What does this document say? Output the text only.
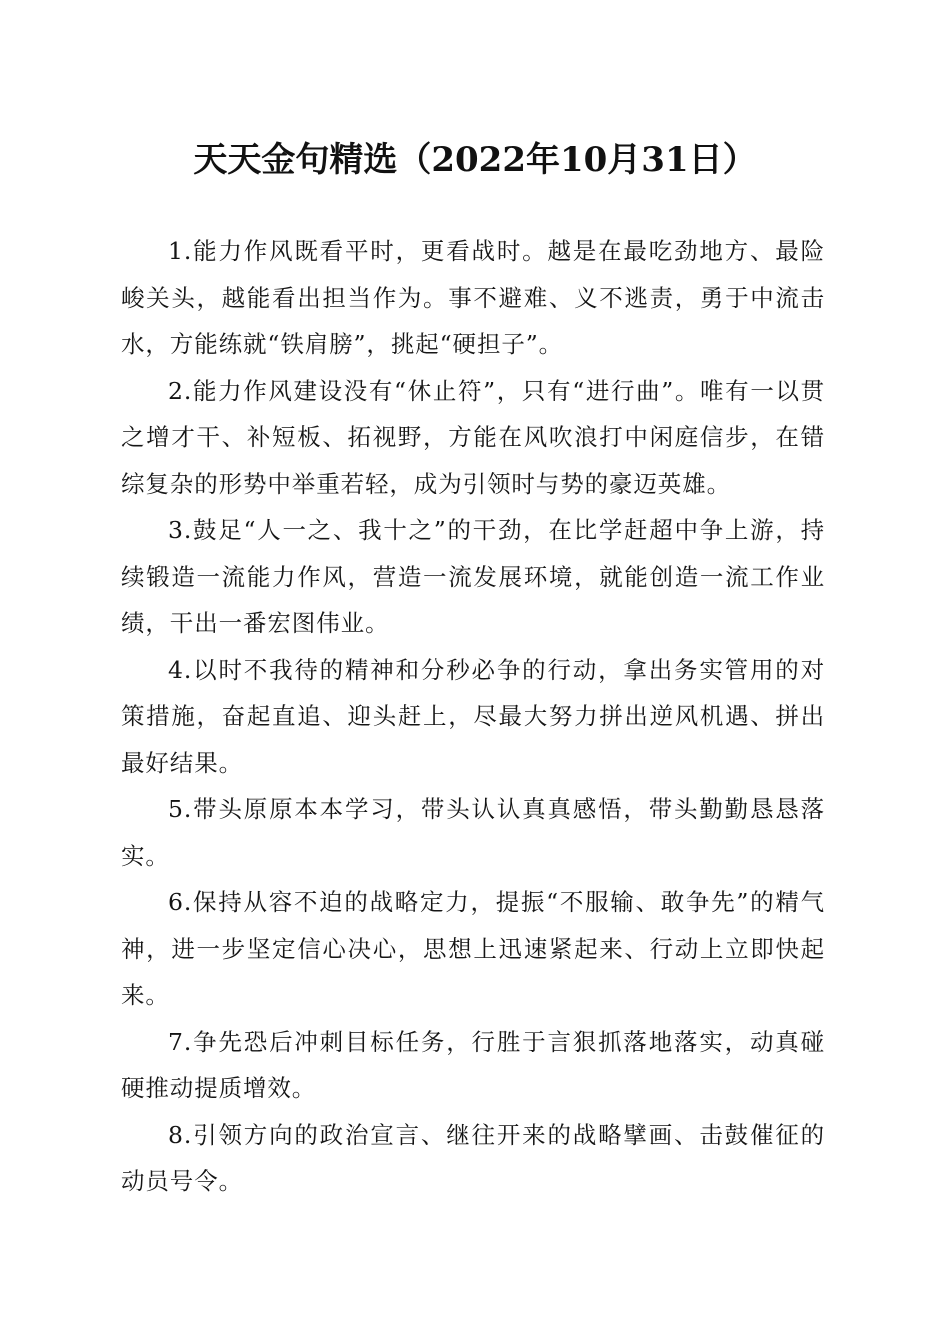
天天金句精选（2022年10月31日）

1.能力作风既看平时，更看战时。越是在最吃劲地方、最险峻关头，越能看出担当作为。事不避难、义不逃责，勇于中流击水，方能练就“铁肩膀”，挑起“硬担子”。

2.能力作风建设没有“休止符”，只有“进行曲”。唯有一以贯之增才干、补短板、拓视野，方能在风吹浪打中闲庭信步，在错综复杂的形势中举重若轻，成为引领时与势的豪迈英雄。

3.鼓足“人一之、我十之”的干劲，在比学赶超中争上游，持续锻造一流能力作风，营造一流发展环境，就能创造一流工作业绩，干出一番宏图伟业。

4.以时不我待的精神和分秒必争的行动，拿出务实管用的对策措施，奋起直追、迎头赶上，尽最大努力拼出逆风机遇、拼出最好结果。

5.带头原原本本学习，带头认认真真感悟，带头勤勤恳恳落实。

6.保持从容不迫的战略定力，提振“不服输、敢争先”的精气神，进一步坚定信心决心，思想上迅速紧起来、行动上立即快起来。

7.争先恐后冲刺目标任务，行胜于言狠抓落地落实，动真碰硬推动提质增效。

8.引领方向的政治宣言、继往开来的战略擘画、击鼓催征的动员号令。
